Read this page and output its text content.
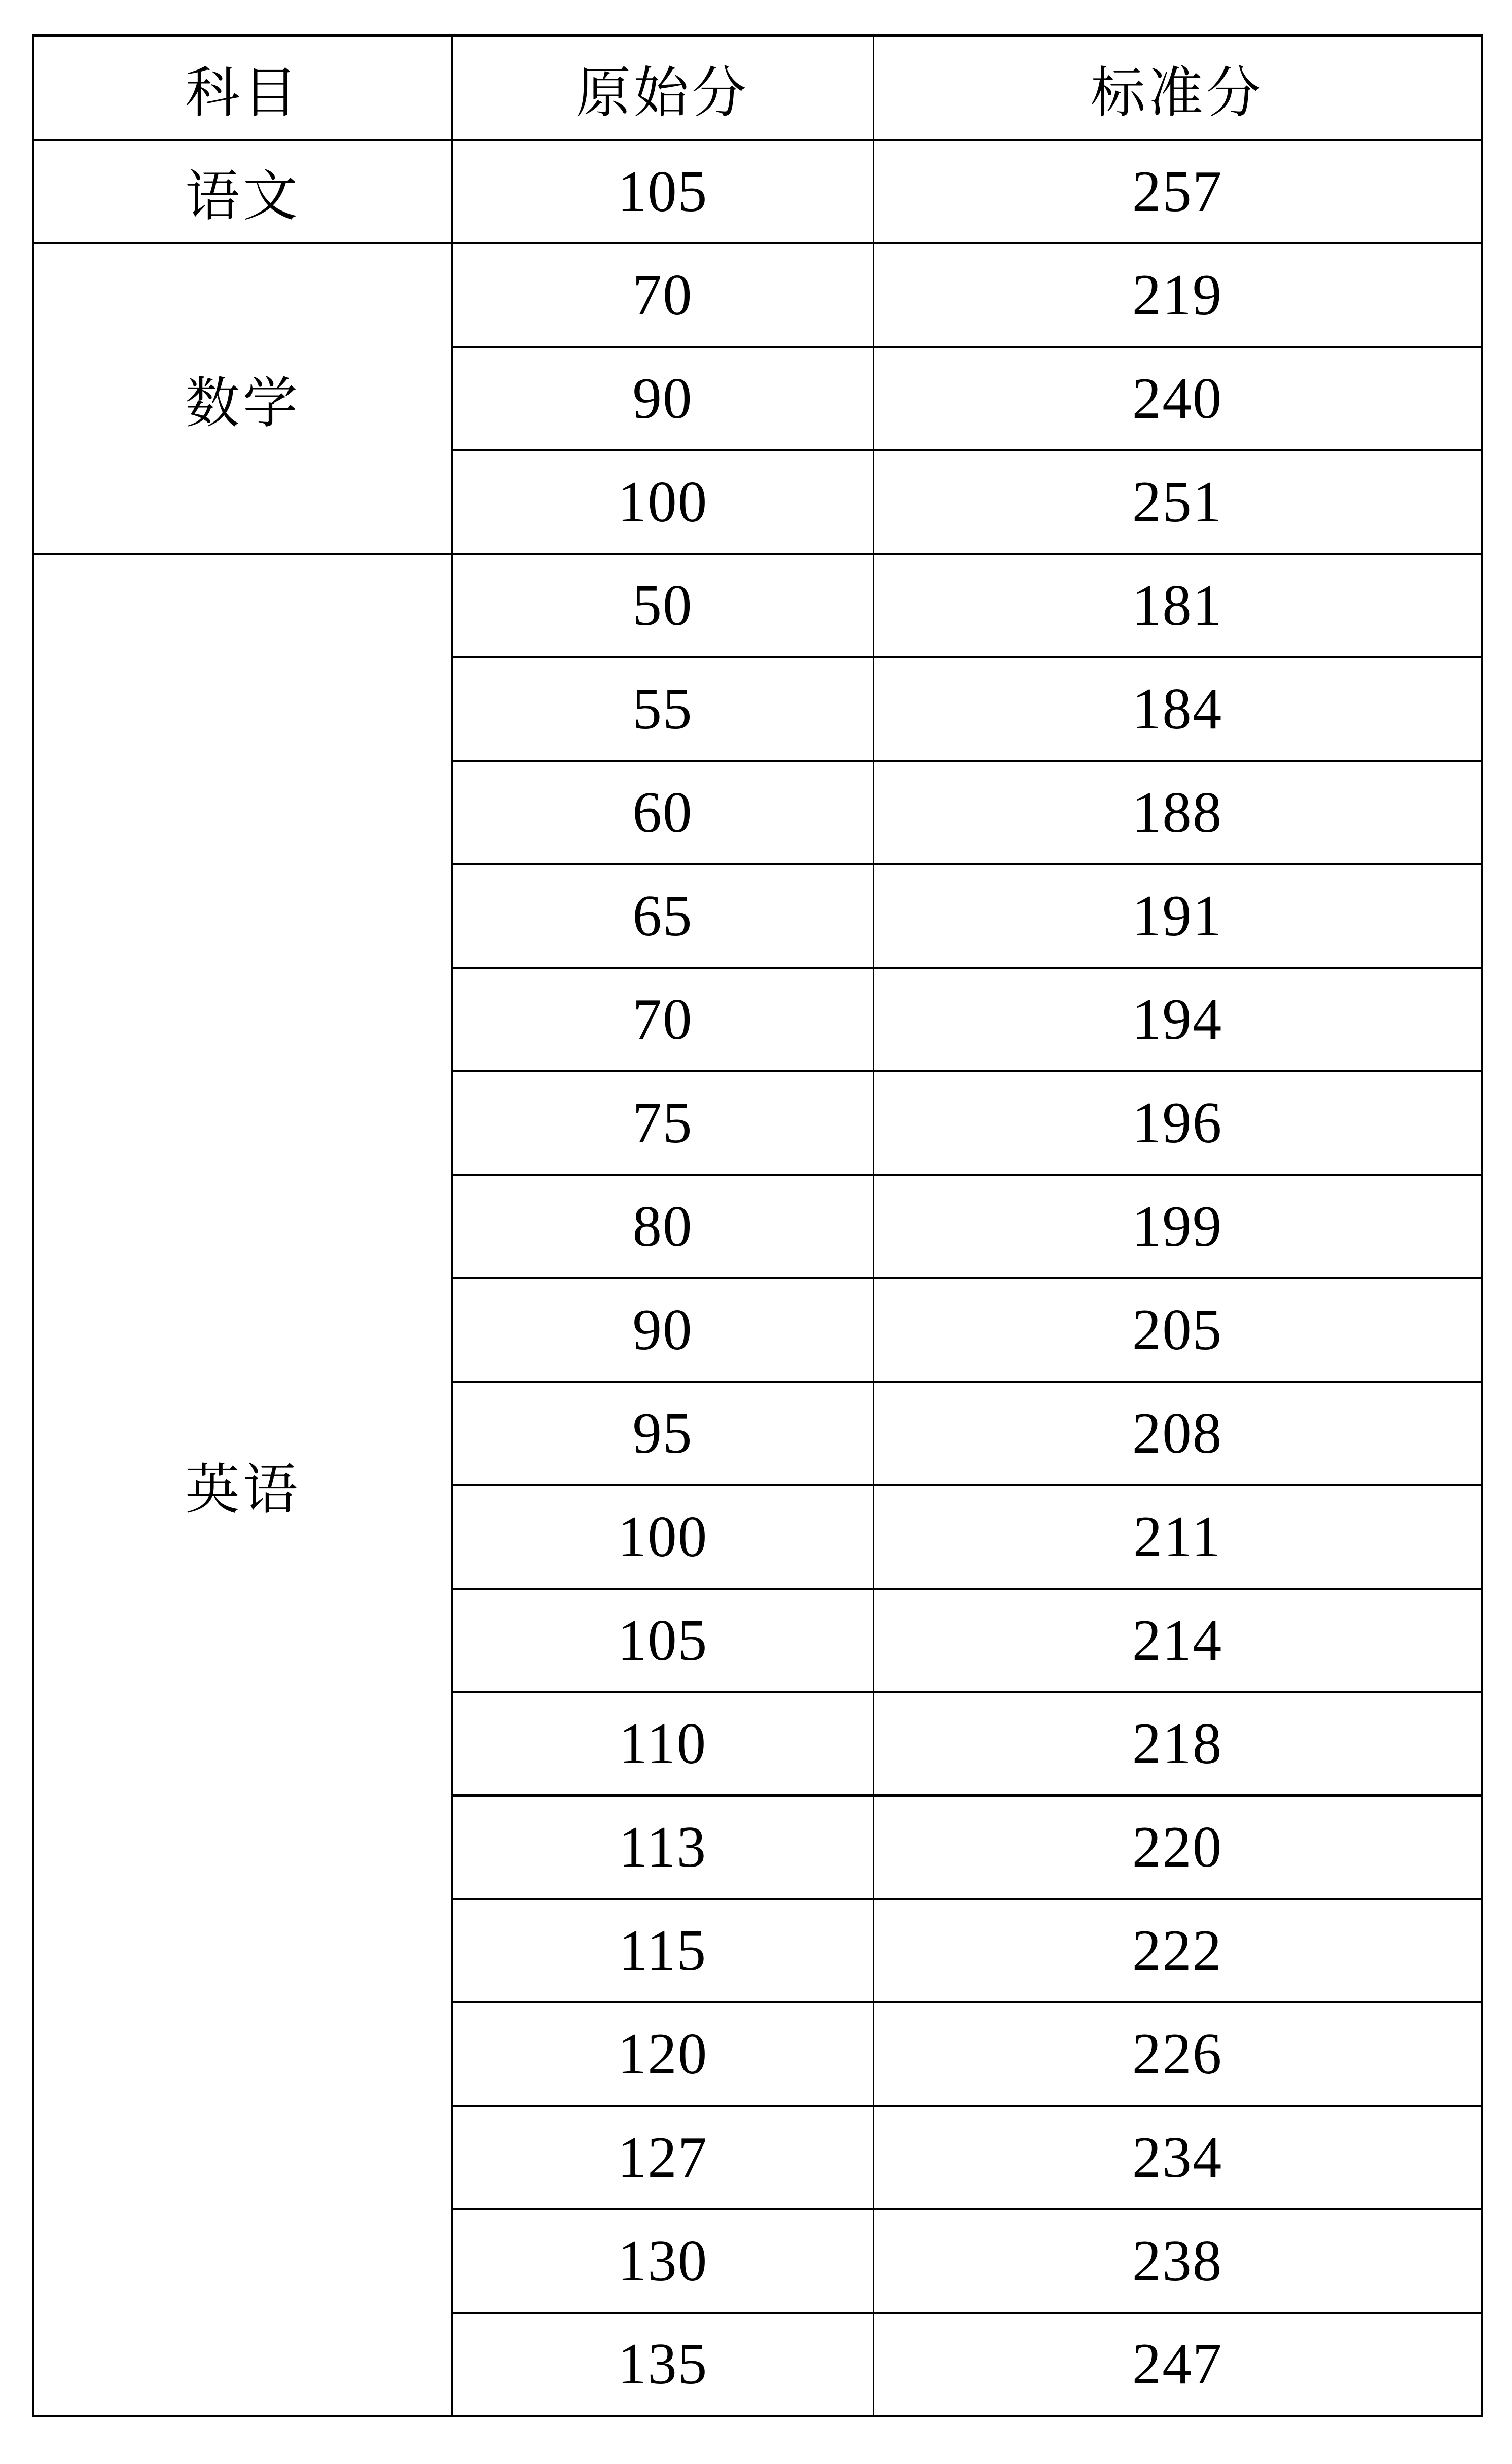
科目	原始分	标准分
语文	105	257
数学	70	219
	90	240
	100	251
英语	50	181
	55	184
	60	188
	65	191
	70	194
	75	196
	80	199
	90	205
	95	208
	100	211
	105	214
	110	218
	113	220
	115	222
	120	226
	127	234
	130	238
	135	247
